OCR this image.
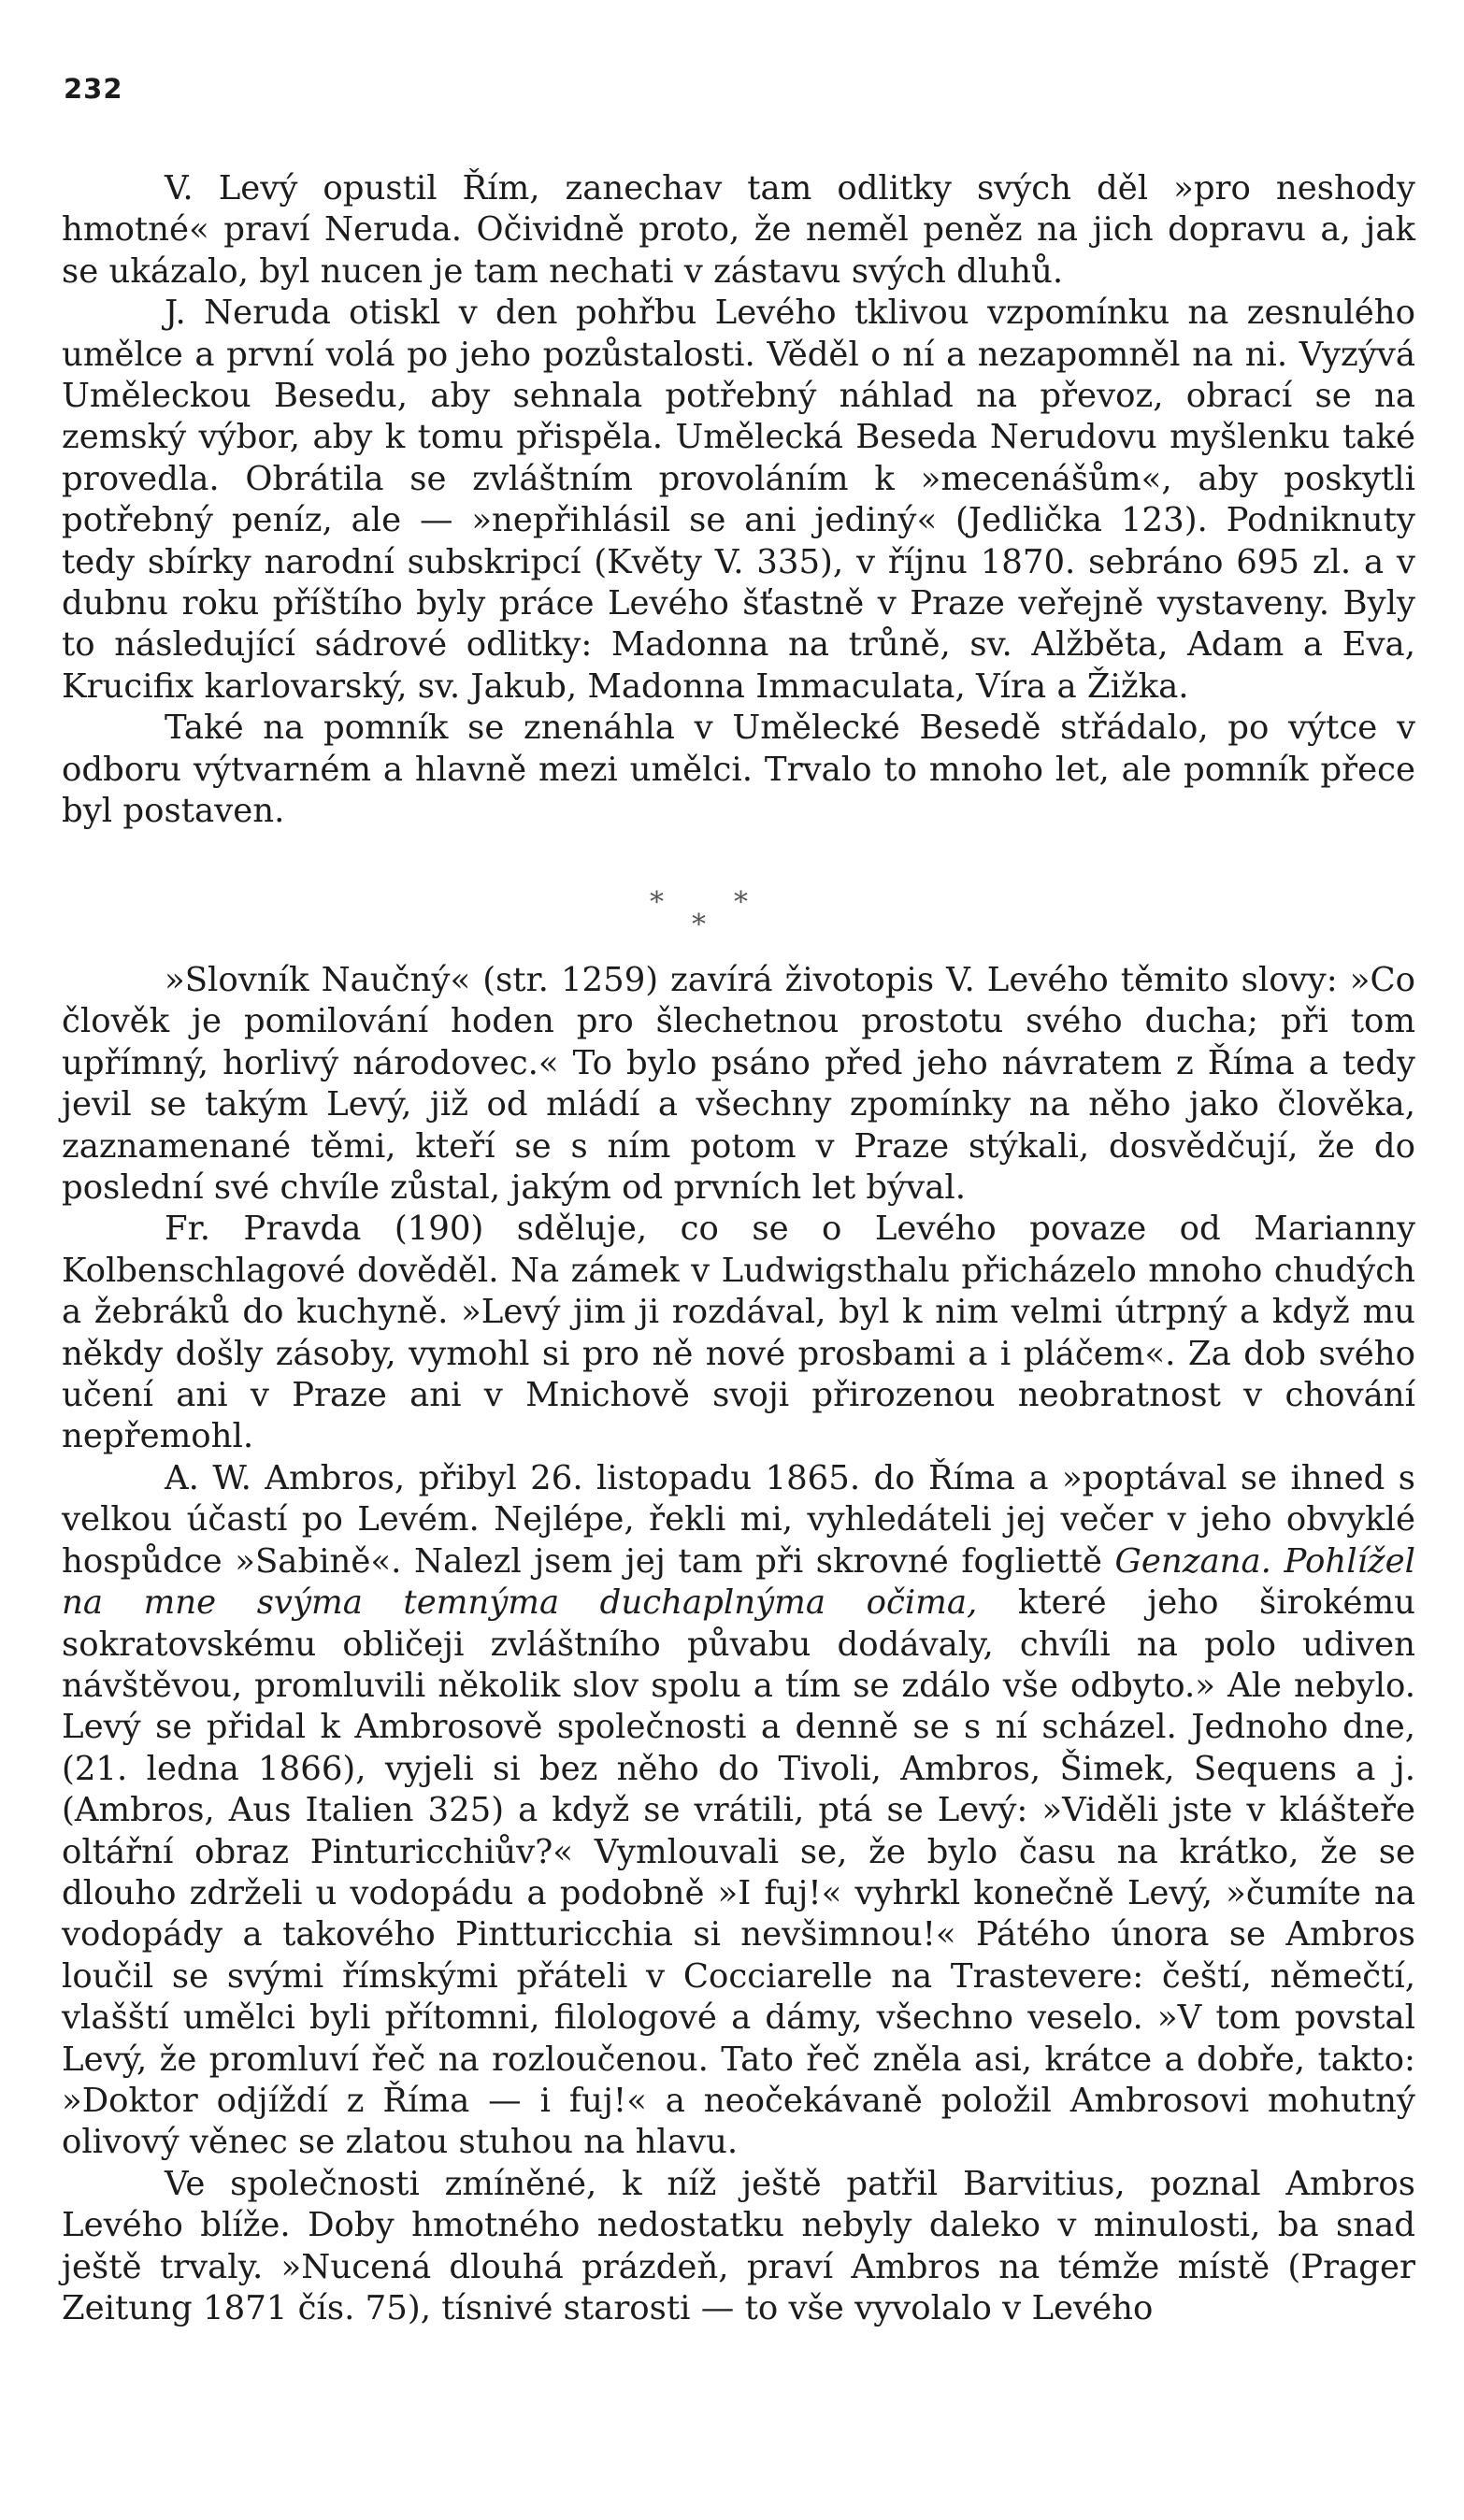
232

V. Levý opustil Řím, zanechav tam odlitky svých děl »pro neshody hmotné« praví Neruda. Očividně proto, že neměl peněz na jich dopravu a, jak se ukázalo, byl nucen je tam nechati v zástavu svých dluhů.

J. Neruda otiskl v den pohřbu Levého tklivou vzpomínku na zesnulého umělce a první volá po jeho pozůstalosti. Věděl o ní a nezapomněl na ni. Vyzývá Uměleckou Besedu, aby sehnala potřebný náhlad na převoz, obrací se na zemský výbor, aby k tomu přispěla. Umělecká Beseda Nerudovu myšlenku také provedla. Obrátila se zvláštním provoláním k »mecenášům«, aby poskytli potřebný peníz, ale — »nepřihlásil se ani jediný« (Jedlička 123). Podniknuty tedy sbírky narodní subskripcí (Květy V. 335), v říjnu 1870. sebráno 695 zl. a v dubnu roku příštího byly práce Levého šťastně v Praze veřejně vystaveny. Byly to následující sádrové odlitky: Madonna na trůně, sv. Alžběta, Adam a Eva, Krucifix karlovarský, sv. Jakub, Madonna Immaculata, Víra a Žižka.

Také na pomník se znenáhla v Umělecké Besedě střádalo, po výtce v odboru výtvarném a hlavně mezi umělci. Trvalo to mnoho let, ale pomník přece byl postaven.

*	*
*

»Slovník Naučný« (str. 1259) zavírá životopis V. Levého těmito slovy: »Co člověk je pomilování hoden pro šlechetnou prostotu svého ducha; při tom upřímný, horlivý národovec.« To bylo psáno před jeho návratem z Říma a tedy jevil se takým Levý, již od mládí a všechny zpomínky na něho jako člověka, zaznamenané těmi, kteří se s ním potom v Praze stýkali, dosvědčují, že do poslední své chvíle zůstal, jakým od prvních let býval.

Fr. Pravda (190) sděluje, co se o Levého povaze od Marianny Kolbenschlagové dověděl. Na zámek v Ludwigsthalu přicházelo mnoho chudých a žebráků do kuchyně. »Levý jim ji rozdával, byl k nim velmi útrpný a když mu někdy došly zásoby, vymohl si pro ně nové prosbami a i pláčem«. Za dob svého učení ani v Praze ani v Mnichově svoji přirozenou neobratnost v chování nepřemohl.

A. W. Ambros, přibyl 26. listopadu 1865. do Říma a »poptával se ihned s velkou účastí po Levém. Nejlépe, řekli mi, vyhledáteli jej večer v jeho obvyklé hospůdce »Sabině«. Nalezl jsem jej tam při skrovné fogliettě Genzana. Pohlížel na mne svýma temnýma duchaplnýma očima, které jeho širokému sokratovskému obličeji zvláštního půvabu dodávaly, chvíli na polo udiven návštěvou, promluvili několik slov spolu a tím se zdálo vše odbyto.» Ale nebylo. Levý se přidal k Ambrosově společnosti a denně se s ní scházel. Jednoho dne, (21. ledna 1866), vyjeli si bez něho do Tivoli, Ambros, Šimek, Sequens a j. (Ambros, Aus Italien 325) a když se vrátili, ptá se Levý: »Viděli jste v klášteře oltářní obraz Pinturicchiův?« Vymlouvali se, že bylo času na krátko, že se dlouho zdrželi u vodopádu a podobně »I fuj!« vyhrkl konečně Levý, »čumíte na vodopády a takového Pintturicchia si nevšimnou!« Pátého února se Ambros loučil se svými římskými přáteli v Cocciarelle na Trastevere: čeští, němečtí, vlašští umělci byli přítomni, filologové a dámy, všechno veselo. »V tom povstal Levý, že promluví řeč na rozloučenou. Tato řeč zněla asi, krátce a dobře, takto: »Doktor odjíždí z Říma — i fuj!« a neočekávaně položil Ambrosovi mohutný olivový věnec se zlatou stuhou na hlavu.

Ve společnosti zmíněné, k níž ještě patřil Barvitius, poznal Ambros Levého blíže. Doby hmotného nedostatku nebyly daleko v minulosti, ba snad ještě trvaly. »Nucená dlouhá prázdeň, praví Ambros na témže místě (Prager Zeitung 1871 čís. 75), tísnivé starosti — to vše vyvolalo v Levého
